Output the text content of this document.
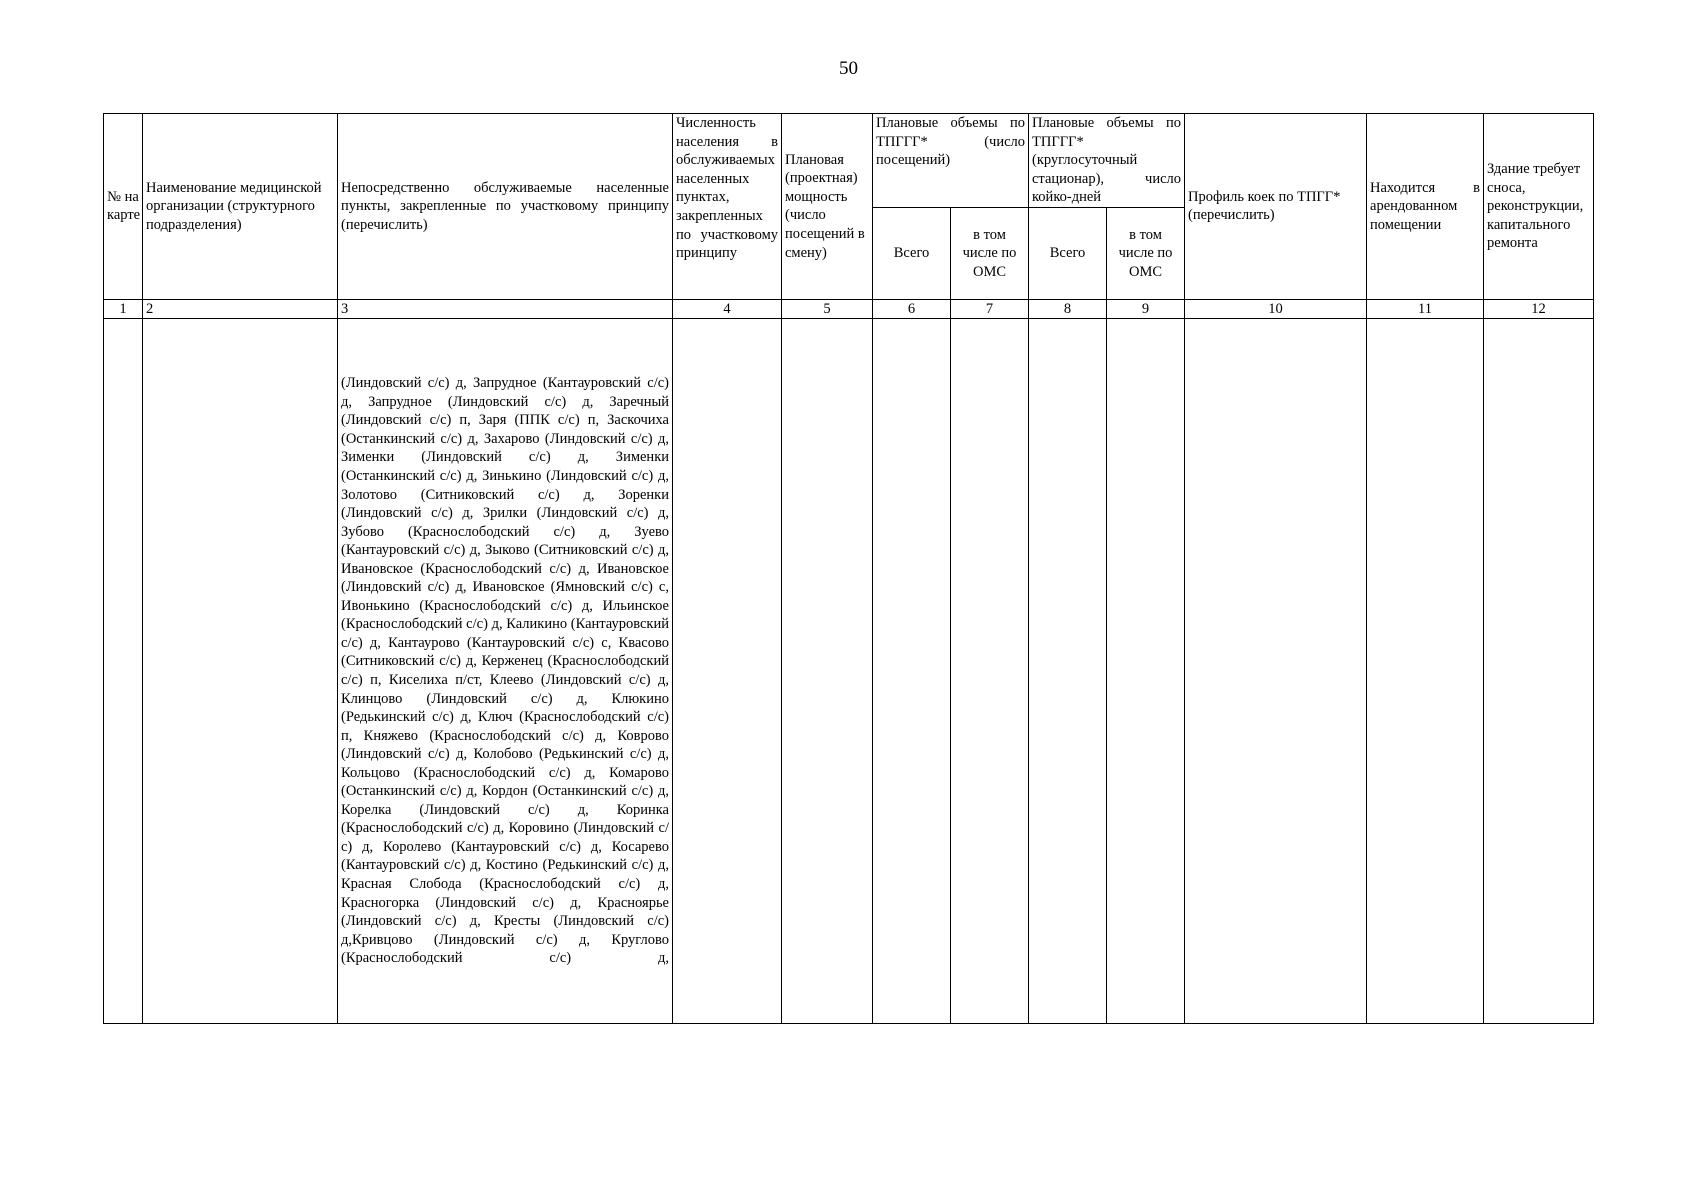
50
№ на карте	Наименование медицинской организации (структурного подразделения)	Непосредственно обслуживаемые населенные пункты, закрепленные по участковому принципу (перечислить)	Численность населения в обслуживаемых населенных пунктах, закрепленных по участковому принципу	Плановая (проектная) мощность (число посещений в смену)	Плановые объемы по ТПГГГ* (число посещений)		Плановые объемы по ТПГГГ* (круглосуточный стационар), число койко-дней		Профиль коек по ТПГГ* (перечислить)	Находится в арендованном помещении	Здание требует сноса, реконструкции, капитального ремонта
					Всего	в том числе по ОМС	Всего	в том числе по ОМС			
1	2	3	4	5	6	7	8	9	10	11	12
		(Линдовский с/с) д, Запрудное (Кантауровский с/с) д, Запрудное (Линдовский с/с) д, Заречный (Линдовский с/с) п, Заря (ППК с/с) п, Заскочиха (Останкинский с/с) д, Захарово (Линдовский с/с) д, Зименки (Линдовский с/с) д, Зименки (Останкинский с/с) д, Зинькино (Линдовский с/с) д, Золотово (Ситниковский с/с) д, Зоренки (Линдовский с/с) д, Зрилки (Линдовский с/с) д, Зубово (Краснослободский с/с) д, Зуево (Кантауровский с/с) д, Зыково (Ситниковский с/с) д, Ивановское (Краснослободский с/с) д, Ивановское (Линдовский с/с) д, Ивановское (Ямновский с/с) с, Ивонькино (Краснослободский с/с) д, Ильинское (Краснослободский с/с) д, Каликино (Кантауровский с/с) д, Кантаурово (Кантауровский с/с) с, Квасово (Ситниковский с/с) д, Керженец (Краснослободский с/с) п, Киселиха п/ст, Клеево (Линдовский с/с) д, Клинцово (Линдовский с/с) д, Клюкино (Редькинский с/с) д, Ключ (Краснослободский с/с) п, Княжево (Краснослободский с/с) д, Коврово (Линдовский с/с) д, Колобово (Редькинский с/с) д, Кольцово (Краснослободский с/с) д, Комарово (Останкинский с/с) д, Кордон (Останкинский с/с) д, Корелка (Линдовский с/с) д, Коринка (Краснослободский с/с) д, Коровино (Линдовский с/с) д, Королево (Кантауровский с/с) д, Косарево (Кантауровский с/с) д, Костино (Редькинский с/с) д, Красная Слобода (Краснослободский с/с) д, Красногорка (Линдовский с/с) д, Красноярье (Линдовский с/с) д, Кресты (Линдовский с/с) д,Кривцово (Линдовский с/с) д, Круглово (Краснослободский с/с) д,									
